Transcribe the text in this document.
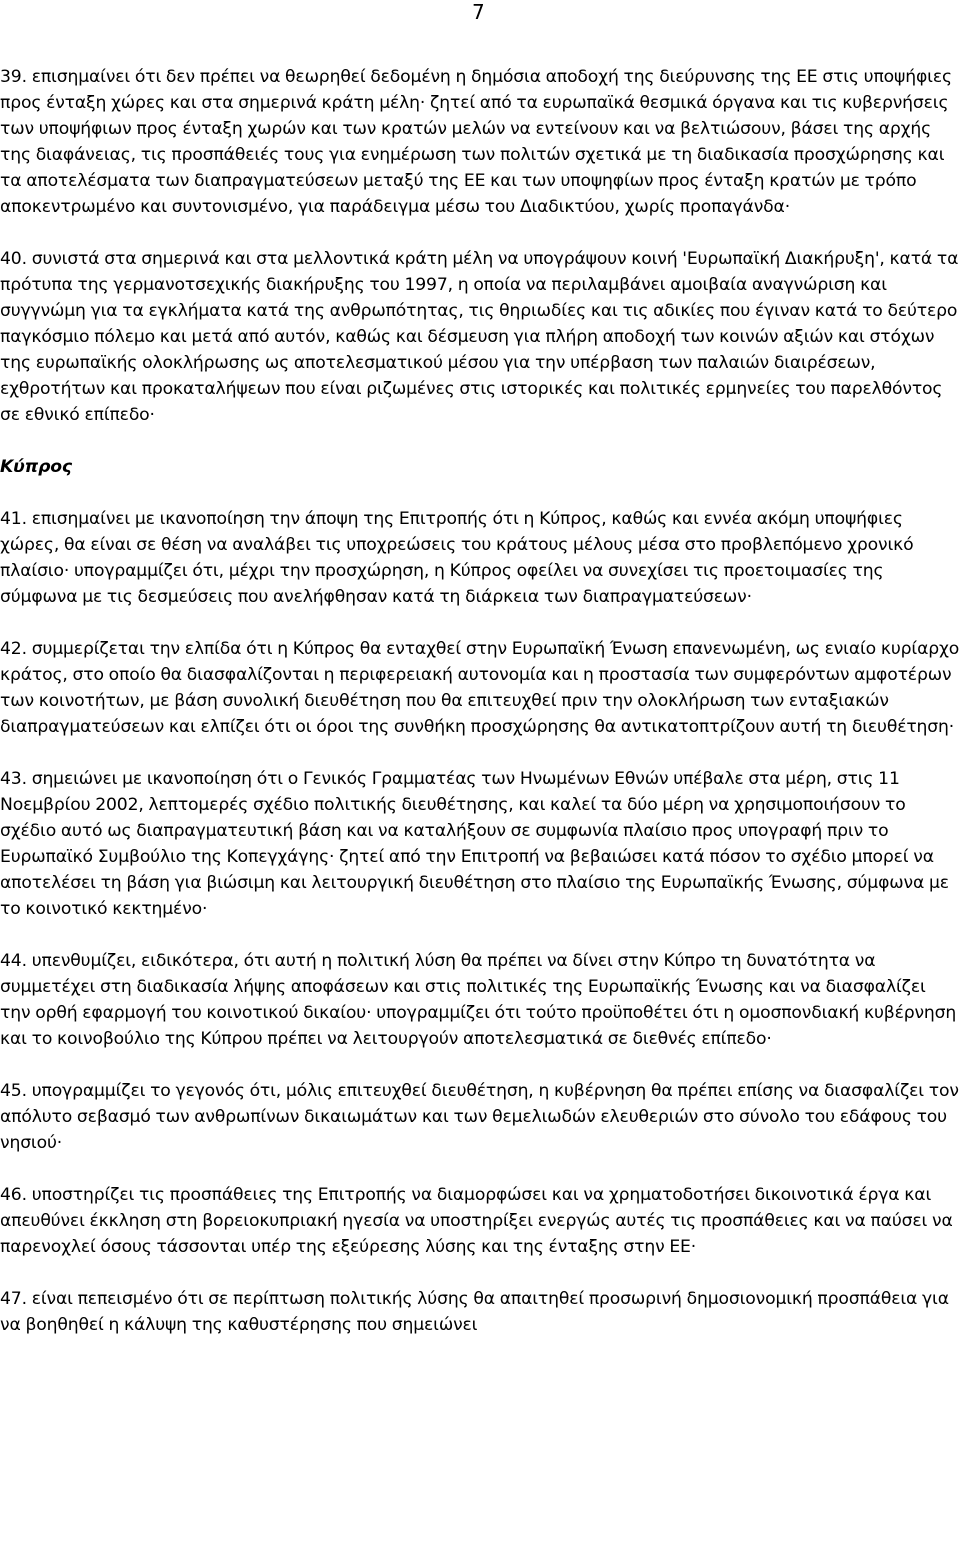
7

39. επισημαίνει ότι δεν πρέπει να θεωρηθεί δεδομένη η δημόσια αποδοχή της διεύρυνσης της ΕΕ στις υποψήφιες προς ένταξη χώρες και στα σημερινά κράτη μέλη· ζητεί από τα ευρωπαϊκά θεσμικά όργανα και τις κυβερνήσεις των υποψήφιων προς ένταξη χωρών και των κρατών μελών να εντείνουν και να βελτιώσουν, βάσει της αρχής της διαφάνειας, τις προσπάθειές τους για ενημέρωση των πολιτών σχετικά με τη διαδικασία προσχώρησης και τα αποτελέσματα των διαπραγματεύσεων μεταξύ της ΕΕ και των υποψηφίων προς ένταξη κρατών με τρόπο αποκεντρωμένο και συντονισμένο, για παράδειγμα μέσω του Διαδικτύου, χωρίς προπαγάνδα·

40. συνιστά στα σημερινά και στα μελλοντικά κράτη μέλη να υπογράψουν κοινή 'Ευρωπαϊκή Διακήρυξη', κατά τα πρότυπα της γερμανοτσεχικής διακήρυξης του 1997, η οποία να περιλαμβάνει αμοιβαία αναγνώριση και συγγνώμη για τα εγκλήματα κατά της ανθρωπότητας, τις θηριωδίες και τις αδικίες που έγιναν κατά το δεύτερο παγκόσμιο πόλεμο και μετά από αυτόν, καθώς και δέσμευση για πλήρη αποδοχή των κοινών αξιών και στόχων της ευρωπαϊκής ολοκλήρωσης ως αποτελεσματικού μέσου για την υπέρβαση των παλαιών διαιρέσεων, εχθροτήτων και προκαταλήψεων που είναι ριζωμένες στις ιστορικές και πολιτικές ερμηνείες του παρελθόντος σε εθνικό επίπεδο·

Κύπρος

41. επισημαίνει με ικανοποίηση την άποψη της Επιτροπής ότι η Κύπρος, καθώς και εννέα ακόμη υποψήφιες χώρες, θα είναι σε θέση να αναλάβει τις υποχρεώσεις του κράτους μέλους μέσα στο προβλεπόμενο χρονικό πλαίσιο· υπογραμμίζει ότι, μέχρι την προσχώρηση, η Κύπρος οφείλει να συνεχίσει τις προετοιμασίες της σύμφωνα με τις δεσμεύσεις που ανελήφθησαν κατά τη διάρκεια των διαπραγματεύσεων·

42. συμμερίζεται την ελπίδα ότι η Κύπρος θα ενταχθεί στην Ευρωπαϊκή Ένωση επανενωμένη, ως ενιαίο κυρίαρχο κράτος, στο οποίο θα διασφαλίζονται η περιφερειακή αυτονομία και η προστασία των συμφερόντων αμφοτέρων των κοινοτήτων, με βάση συνολική διευθέτηση που θα επιτευχθεί πριν την ολοκλήρωση των ενταξιακών διαπραγματεύσεων και ελπίζει ότι οι όροι της συνθήκη προσχώρησης θα αντικατοπτρίζουν αυτή τη διευθέτηση·

43. σημειώνει με ικανοποίηση ότι ο Γενικός Γραμματέας των Ηνωμένων Εθνών υπέβαλε στα μέρη, στις 11 Νοεμβρίου 2002, λεπτομερές σχέδιο πολιτικής διευθέτησης, και καλεί τα δύο μέρη να χρησιμοποιήσουν το σχέδιο αυτό ως διαπραγματευτική βάση και να καταλήξουν σε συμφωνία πλαίσιο προς υπογραφή πριν το Ευρωπαϊκό Συμβούλιο της Κοπεγχάγης· ζητεί από την Επιτροπή να βεβαιώσει κατά πόσον το σχέδιο μπορεί να αποτελέσει τη βάση για βιώσιμη και λειτουργική διευθέτηση στο πλαίσιο της Ευρωπαϊκής Ένωσης, σύμφωνα με το κοινοτικό κεκτημένο·

44. υπενθυμίζει, ειδικότερα, ότι αυτή η πολιτική λύση θα πρέπει να δίνει στην Κύπρο τη δυνατότητα να συμμετέχει στη διαδικασία λήψης αποφάσεων και στις πολιτικές της Ευρωπαϊκής Ένωσης και να διασφαλίζει την ορθή εφαρμογή του κοινοτικού δικαίου· υπογραμμίζει ότι τούτο προϋποθέτει ότι η ομοσπονδιακή κυβέρνηση και το κοινοβούλιο της Κύπρου πρέπει να λειτουργούν αποτελεσματικά σε διεθνές επίπεδο·

45. υπογραμμίζει το γεγονός ότι, μόλις επιτευχθεί διευθέτηση, η κυβέρνηση θα πρέπει επίσης να διασφαλίζει τον απόλυτο σεβασμό των ανθρωπίνων δικαιωμάτων και των θεμελιωδών ελευθεριών στο σύνολο του εδάφους του νησιού·

46. υποστηρίζει τις προσπάθειες της Επιτροπής να διαμορφώσει και να χρηματοδοτήσει δικοινοτικά έργα και απευθύνει έκκληση στη βορειοκυπριακή ηγεσία να υποστηρίξει ενεργώς αυτές τις προσπάθειες και να παύσει να παρενοχλεί όσους τάσσονται υπέρ της εξεύρεσης λύσης και της ένταξης στην ΕΕ·

47. είναι πεπεισμένο ότι σε περίπτωση πολιτικής λύσης θα απαιτηθεί προσωρινή δημοσιονομική προσπάθεια για να βοηθηθεί η κάλυψη της καθυστέρησης που σημειώνει
